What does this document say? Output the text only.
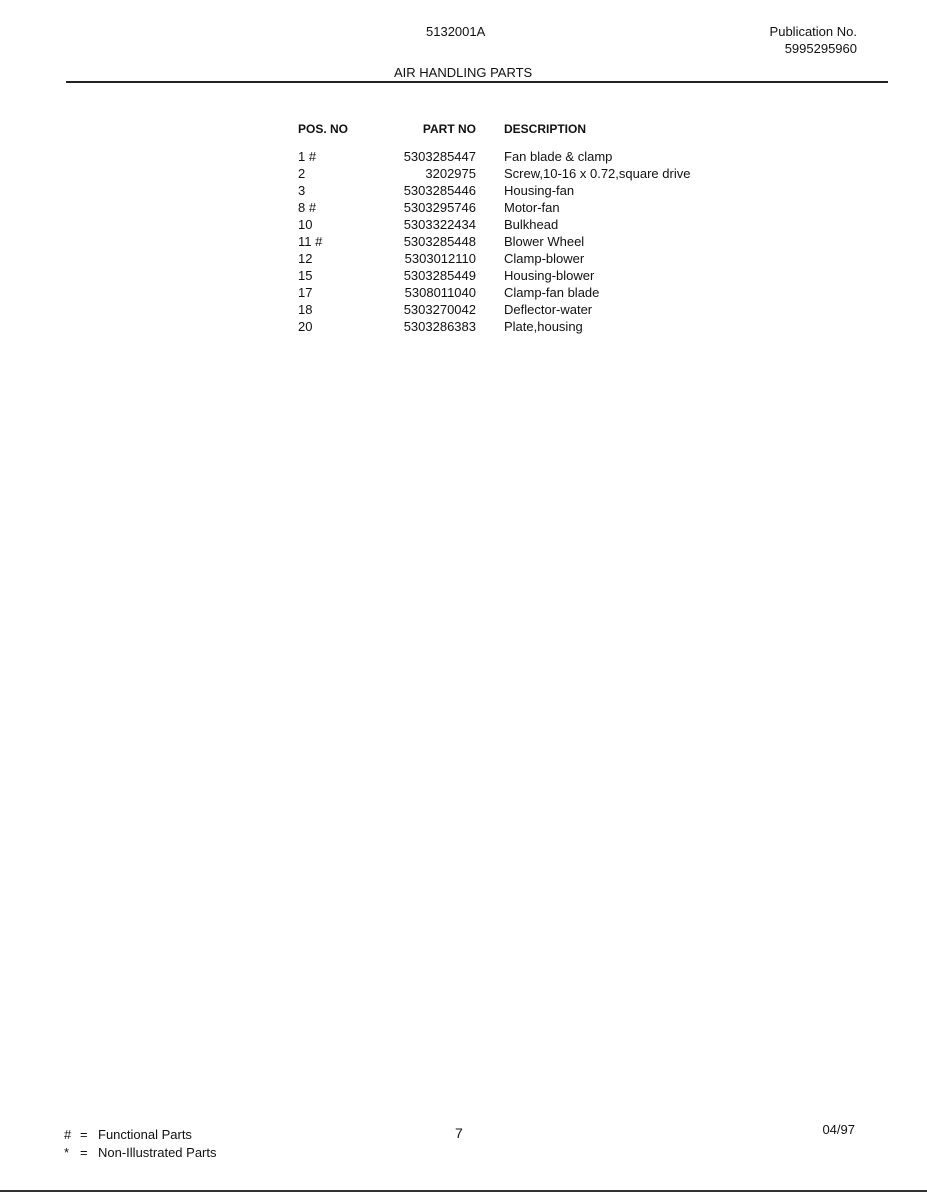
5132001A	Publication No.
5995295960
AIR HANDLING PARTS
POS. NO	PART NO	DESCRIPTION
1 #	5303285447	Fan blade & clamp
2	3202975	Screw,10-16 x 0.72,square drive
3	5303285446	Housing-fan
8 #	5303295746	Motor-fan
10	5303322434	Bulkhead
11 #	5303285448	Blower Wheel
12	5303012110	Clamp-blower
15	5303285449	Housing-blower
17	5308011040	Clamp-fan blade
18	5303270042	Deflector-water
20	5303286383	Plate,housing
# = Functional Parts
* = Non-Illustrated Parts
7	04/97
